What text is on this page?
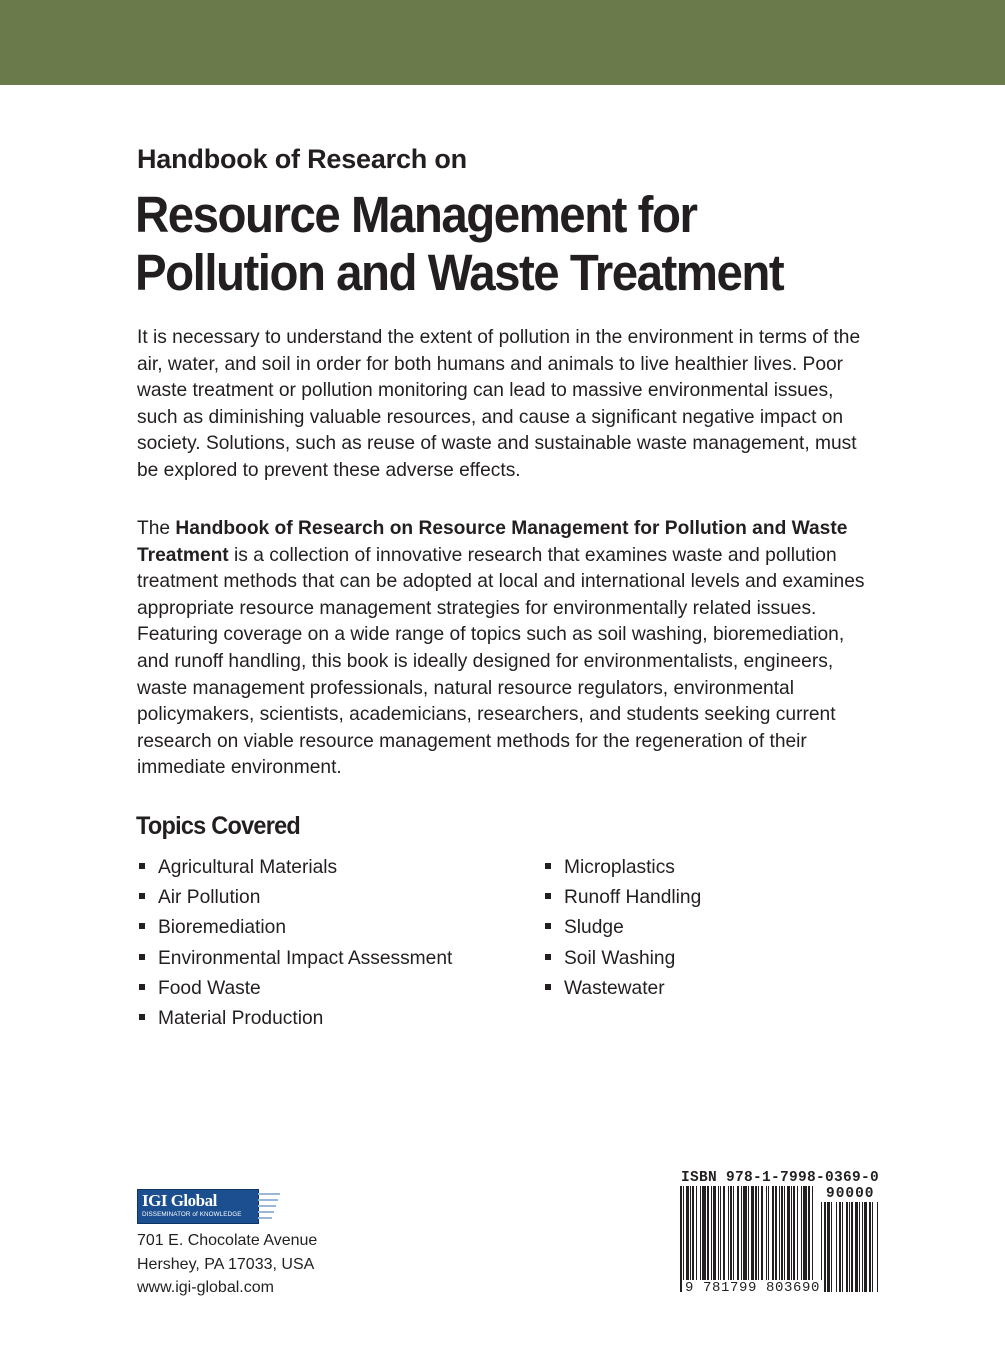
Handbook of Research on
Resource Management for
Pollution and Waste Treatment

It is necessary to understand the extent of pollution in the environment in terms of the air, water, and soil in order for both humans and animals to live healthier lives. Poor waste treatment or pollution monitoring can lead to massive environmental issues, such as diminishing valuable resources, and cause a significant negative impact on society. Solutions, such as reuse of waste and sustainable waste management, must be explored to prevent these adverse effects.

The Handbook of Research on Resource Management for Pollution and Waste Treatment is a collection of innovative research that examines waste and pollution treatment methods that can be adopted at local and international levels and examines appropriate resource management strategies for environmentally related issues. Featuring coverage on a wide range of topics such as soil washing, bioremediation, and runoff handling, this book is ideally designed for environmentalists, engineers, waste management professionals, natural resource regulators, environmental policymakers, scientists, academicians, researchers, and students seeking current research on viable resource management methods for the regeneration of their immediate environment.

Topics Covered
Agricultural Materials
Air Pollution
Bioremediation
Environmental Impact Assessment
Food Waste
Material Production
Microplastics
Runoff Handling
Sludge
Soil Washing
Wastewater
IGI Global
DISSEMINATOR of KNOWLEDGE
701 E. Chocolate Avenue
Hershey, PA 17033, USA
www.igi-global.com
ISBN 978-1-7998-0369-0
90000
9 781799 803690
